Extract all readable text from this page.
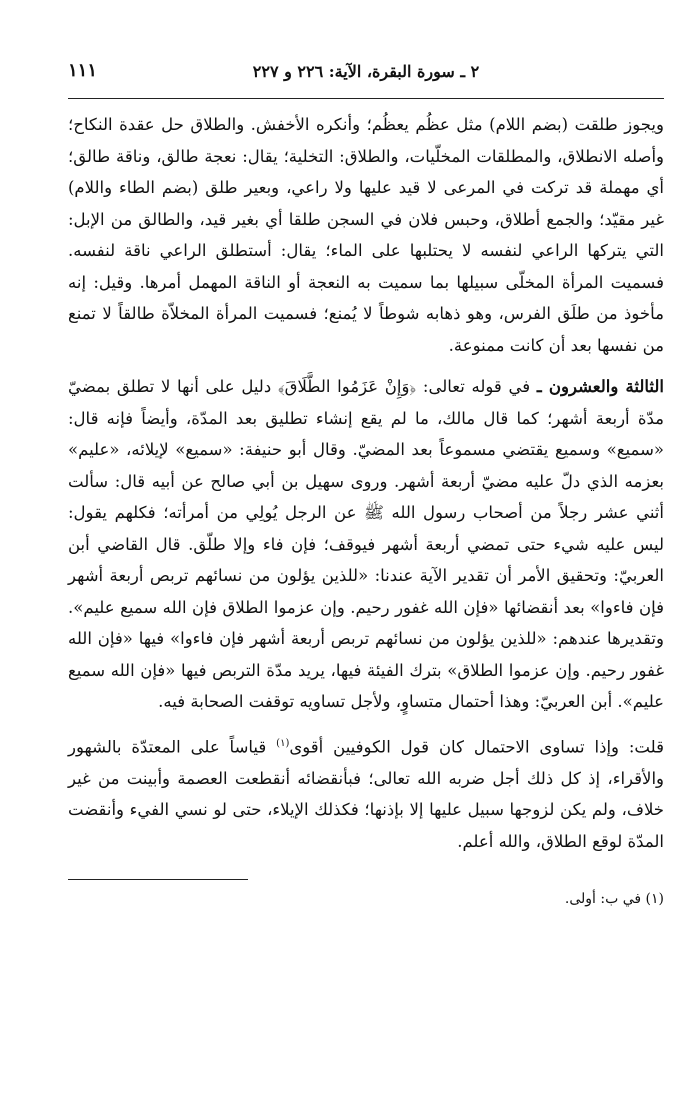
٢ ـ سورة البقرة، الآية: ٢٢٦ و ٢٢٧
١١١

ويجوز طلقت (بضم اللام) مثل عظُم يعظُم؛ وأنكره الأخفش. والطلاق حل عقدة النكاح؛ وأصله الانطلاق، والمطلقات المخلّيات، والطلاق: التخلية؛ يقال: نعجة طالق، وناقة طالق؛ أي مهملة قد تركت في المرعى لا قيد عليها ولا راعي، وبعير طلق (بضم الطاء واللام) غير مقيّد؛ والجمع أطلاق، وحبس فلان في السجن طلقا أي بغير قيد، والطالق من الإبل: التي يتركها الراعي لنفسه لا يحتلبها على الماء؛ يقال: أستطلق الراعي ناقة لنفسه. فسميت المرأة المخلّى سبيلها بما سميت به النعجة أو الناقة المهمل أمرها. وقيل: إنه مأخوذ من طلَق الفرس، وهو ذهابه شوطاً لا يُمنع؛ فسميت المرأة المخلاّة طالقاً لا تمنع من نفسها بعد أن كانت ممنوعة.

الثالثة والعشرون ـ في قوله تعالى: ﴿وَإِنْ عَزَمُوا الطَّلَاقَ﴾ دليل على أنها لا تطلق بمضيّ مدّة أربعة أشهر؛ كما قال مالك، ما لم يقع إنشاء تطليق بعد المدّة، وأيضاً فإنه قال: «سميع» وسميع يقتضي مسموعاً بعد المضيّ. وقال أبو حنيفة: «سميع» لإيلائه، «عليم» بعزمه الذي دلّ عليه مضيّ أربعة أشهر. وروى سهيل بن أبي صالح عن أبيه قال: سألت أثني عشر رجلاً من أصحاب رسول الله ﷺ عن الرجل يُولِي من أمرأته؛ فكلهم يقول: ليس عليه شيء حتى تمضي أربعة أشهر فيوقف؛ فإن فاء وإلا طلّق. قال القاضي أبن العربيّ: وتحقيق الأمر أن تقدير الآية عندنا: «للذين يؤلون من نسائهم تربص أربعة أشهر فإن فاءوا» بعد أنقضائها «فإن الله غفور رحيم. وإن عزموا الطلاق فإن الله سميع عليم». وتقديرها عندهم: «للذين يؤلون من نسائهم تربص أربعة أشهر فإن فاءوا» فيها «فإن الله غفور رحيم. وإن عزموا الطلاق» بترك الفيئة فيها، يريد مدّة التربص فيها «فإن الله سميع عليم». أبن العربيّ: وهذا أحتمال متساوٍ، ولأجل تساويه توقفت الصحابة فيه.

قلت: وإذا تساوى الاحتمال كان قول الكوفيين أقوى$^{(١)}$ قياساً على المعتدّة بالشهور والأقراء، إذ كل ذلك أجل ضربه الله تعالى؛ فبأنقضائه أنقطعت العصمة وأبينت من غير خلاف، ولم يكن لزوجها سبيل عليها إلا بإذنها؛ فكذلك الإيلاء، حتى لو نسي الفيء وأنقضت المدّة لوقع الطلاق، والله أعلم.

(١) في ب: أولى.
